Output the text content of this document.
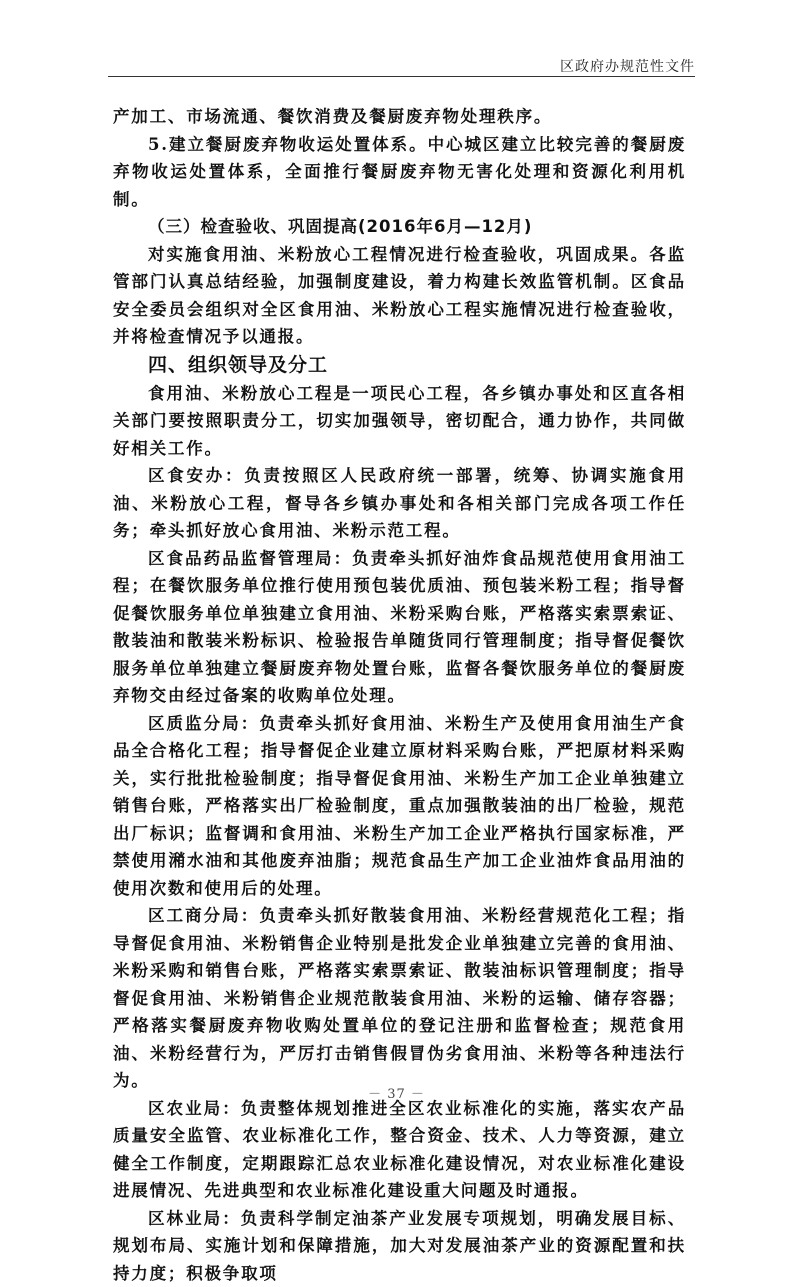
区政府办规范性文件

产加工、市场流通、餐饮消费及餐厨废弃物处理秩序。

5.建立餐厨废弃物收运处置体系。中心城区建立比较完善的餐厨废弃物收运处置体系，全面推行餐厨废弃物无害化处理和资源化利用机制。

（三）检查验收、巩固提高(2016年6月—12月)

对实施食用油、米粉放心工程情况进行检查验收，巩固成果。各监管部门认真总结经验，加强制度建设，着力构建长效监管机制。区食品安全委员会组织对全区食用油、米粉放心工程实施情况进行检查验收，并将检查情况予以通报。

四、组织领导及分工

食用油、米粉放心工程是一项民心工程，各乡镇办事处和区直各相关部门要按照职责分工，切实加强领导，密切配合，通力协作，共同做好相关工作。

区食安办：负责按照区人民政府统一部署，统筹、协调实施食用油、米粉放心工程，督导各乡镇办事处和各相关部门完成各项工作任务；牵头抓好放心食用油、米粉示范工程。

区食品药品监督管理局：负责牵头抓好油炸食品规范使用食用油工程；在餐饮服务单位推行使用预包装优质油、预包装米粉工程；指导督促餐饮服务单位单独建立食用油、米粉采购台账，严格落实索票索证、散装油和散装米粉标识、检验报告单随货同行管理制度；指导督促餐饮服务单位单独建立餐厨废弃物处置台账，监督各餐饮服务单位的餐厨废弃物交由经过备案的收购单位处理。

区质监分局：负责牵头抓好食用油、米粉生产及使用食用油生产食品全合格化工程；指导督促企业建立原材料采购台账，严把原材料采购关，实行批批检验制度；指导督促食用油、米粉生产加工企业单独建立销售台账，严格落实出厂检验制度，重点加强散装油的出厂检验，规范出厂标识；监督调和食用油、米粉生产加工企业严格执行国家标准，严禁使用潲水油和其他废弃油脂；规范食品生产加工企业油炸食品用油的使用次数和使用后的处理。

区工商分局：负责牵头抓好散装食用油、米粉经营规范化工程；指导督促食用油、米粉销售企业特别是批发企业单独建立完善的食用油、米粉采购和销售台账，严格落实索票索证、散装油标识管理制度；指导督促食用油、米粉销售企业规范散装食用油、米粉的运输、储存容器；严格落实餐厨废弃物收购处置单位的登记注册和监督检查；规范食用油、米粉经营行为，严厉打击销售假冒伪劣食用油、米粉等各种违法行为。

区农业局：负责整体规划推进全区农业标准化的实施，落实农产品质量安全监管、农业标准化工作，整合资金、技术、人力等资源，建立健全工作制度，定期跟踪汇总农业标准化建设情况，对农业标准化建设进展情况、先进典型和农业标准化建设重大问题及时通报。

区林业局：负责科学制定油茶产业发展专项规划，明确发展目标、规划布局、实施计划和保障措施，加大对发展油茶产业的资源配置和扶持力度；积极争取项

－ 37 －
